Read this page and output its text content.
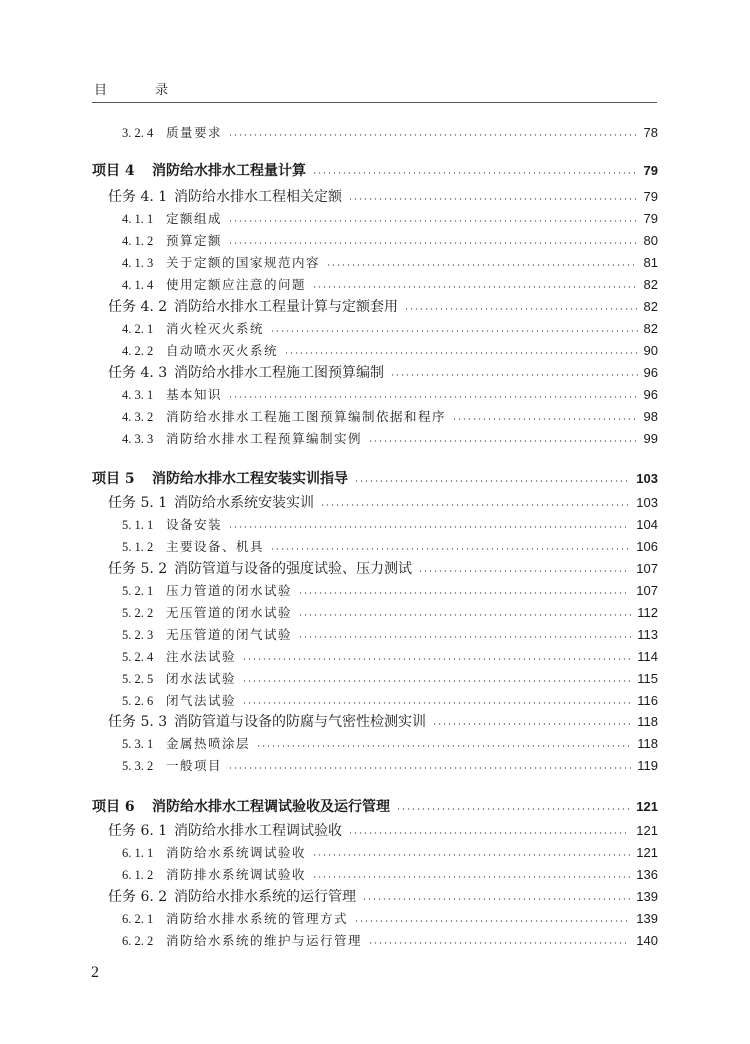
目 录
3. 2. 4	质量要求	78
项目 4	消防给水排水工程量计算	79
任务 4. 1 消防给水排水工程相关定额	79
4. 1. 1	定额组成	79
4. 1. 2	预算定额	80
4. 1. 3	关于定额的国家规范内容	81
4. 1. 4	使用定额应注意的问题	82
任务 4. 2 消防给水排水工程量计算与定额套用	82
4. 2. 1	消火栓灭火系统	82
4. 2. 2	自动喷水灭火系统	90
任务 4. 3 消防给水排水工程施工图预算编制	96
4. 3. 1	基本知识	96
4. 3. 2	消防给水排水工程施工图预算编制依据和程序	98
4. 3. 3	消防给水排水工程预算编制实例	99
项目 5	消防给水排水工程安装实训指导	103
任务 5. 1 消防给水系统安装实训	103
5. 1. 1	设备安装	104
5. 1. 2	主要设备、机具	106
任务 5. 2 消防管道与设备的强度试验、压力测试	107
5. 2. 1	压力管道的闭水试验	107
5. 2. 2	无压管道的闭水试验	112
5. 2. 3	无压管道的闭气试验	113
5. 2. 4	注水法试验	114
5. 2. 5	闭水法试验	115
5. 2. 6	闭气法试验	116
任务 5. 3 消防管道与设备的防腐与气密性检测实训	118
5. 3. 1	金属热喷涂层	118
5. 3. 2	一般项目	119
项目 6	消防给水排水工程调试验收及运行管理	121
任务 6. 1 消防给水排水工程调试验收	121
6. 1. 1	消防给水系统调试验收	121
6. 1. 2	消防排水系统调试验收	136
任务 6. 2 消防给水排水系统的运行管理	139
6. 2. 1	消防给水排水系统的管理方式	139
6. 2. 2	消防给水系统的维护与运行管理	140
2
